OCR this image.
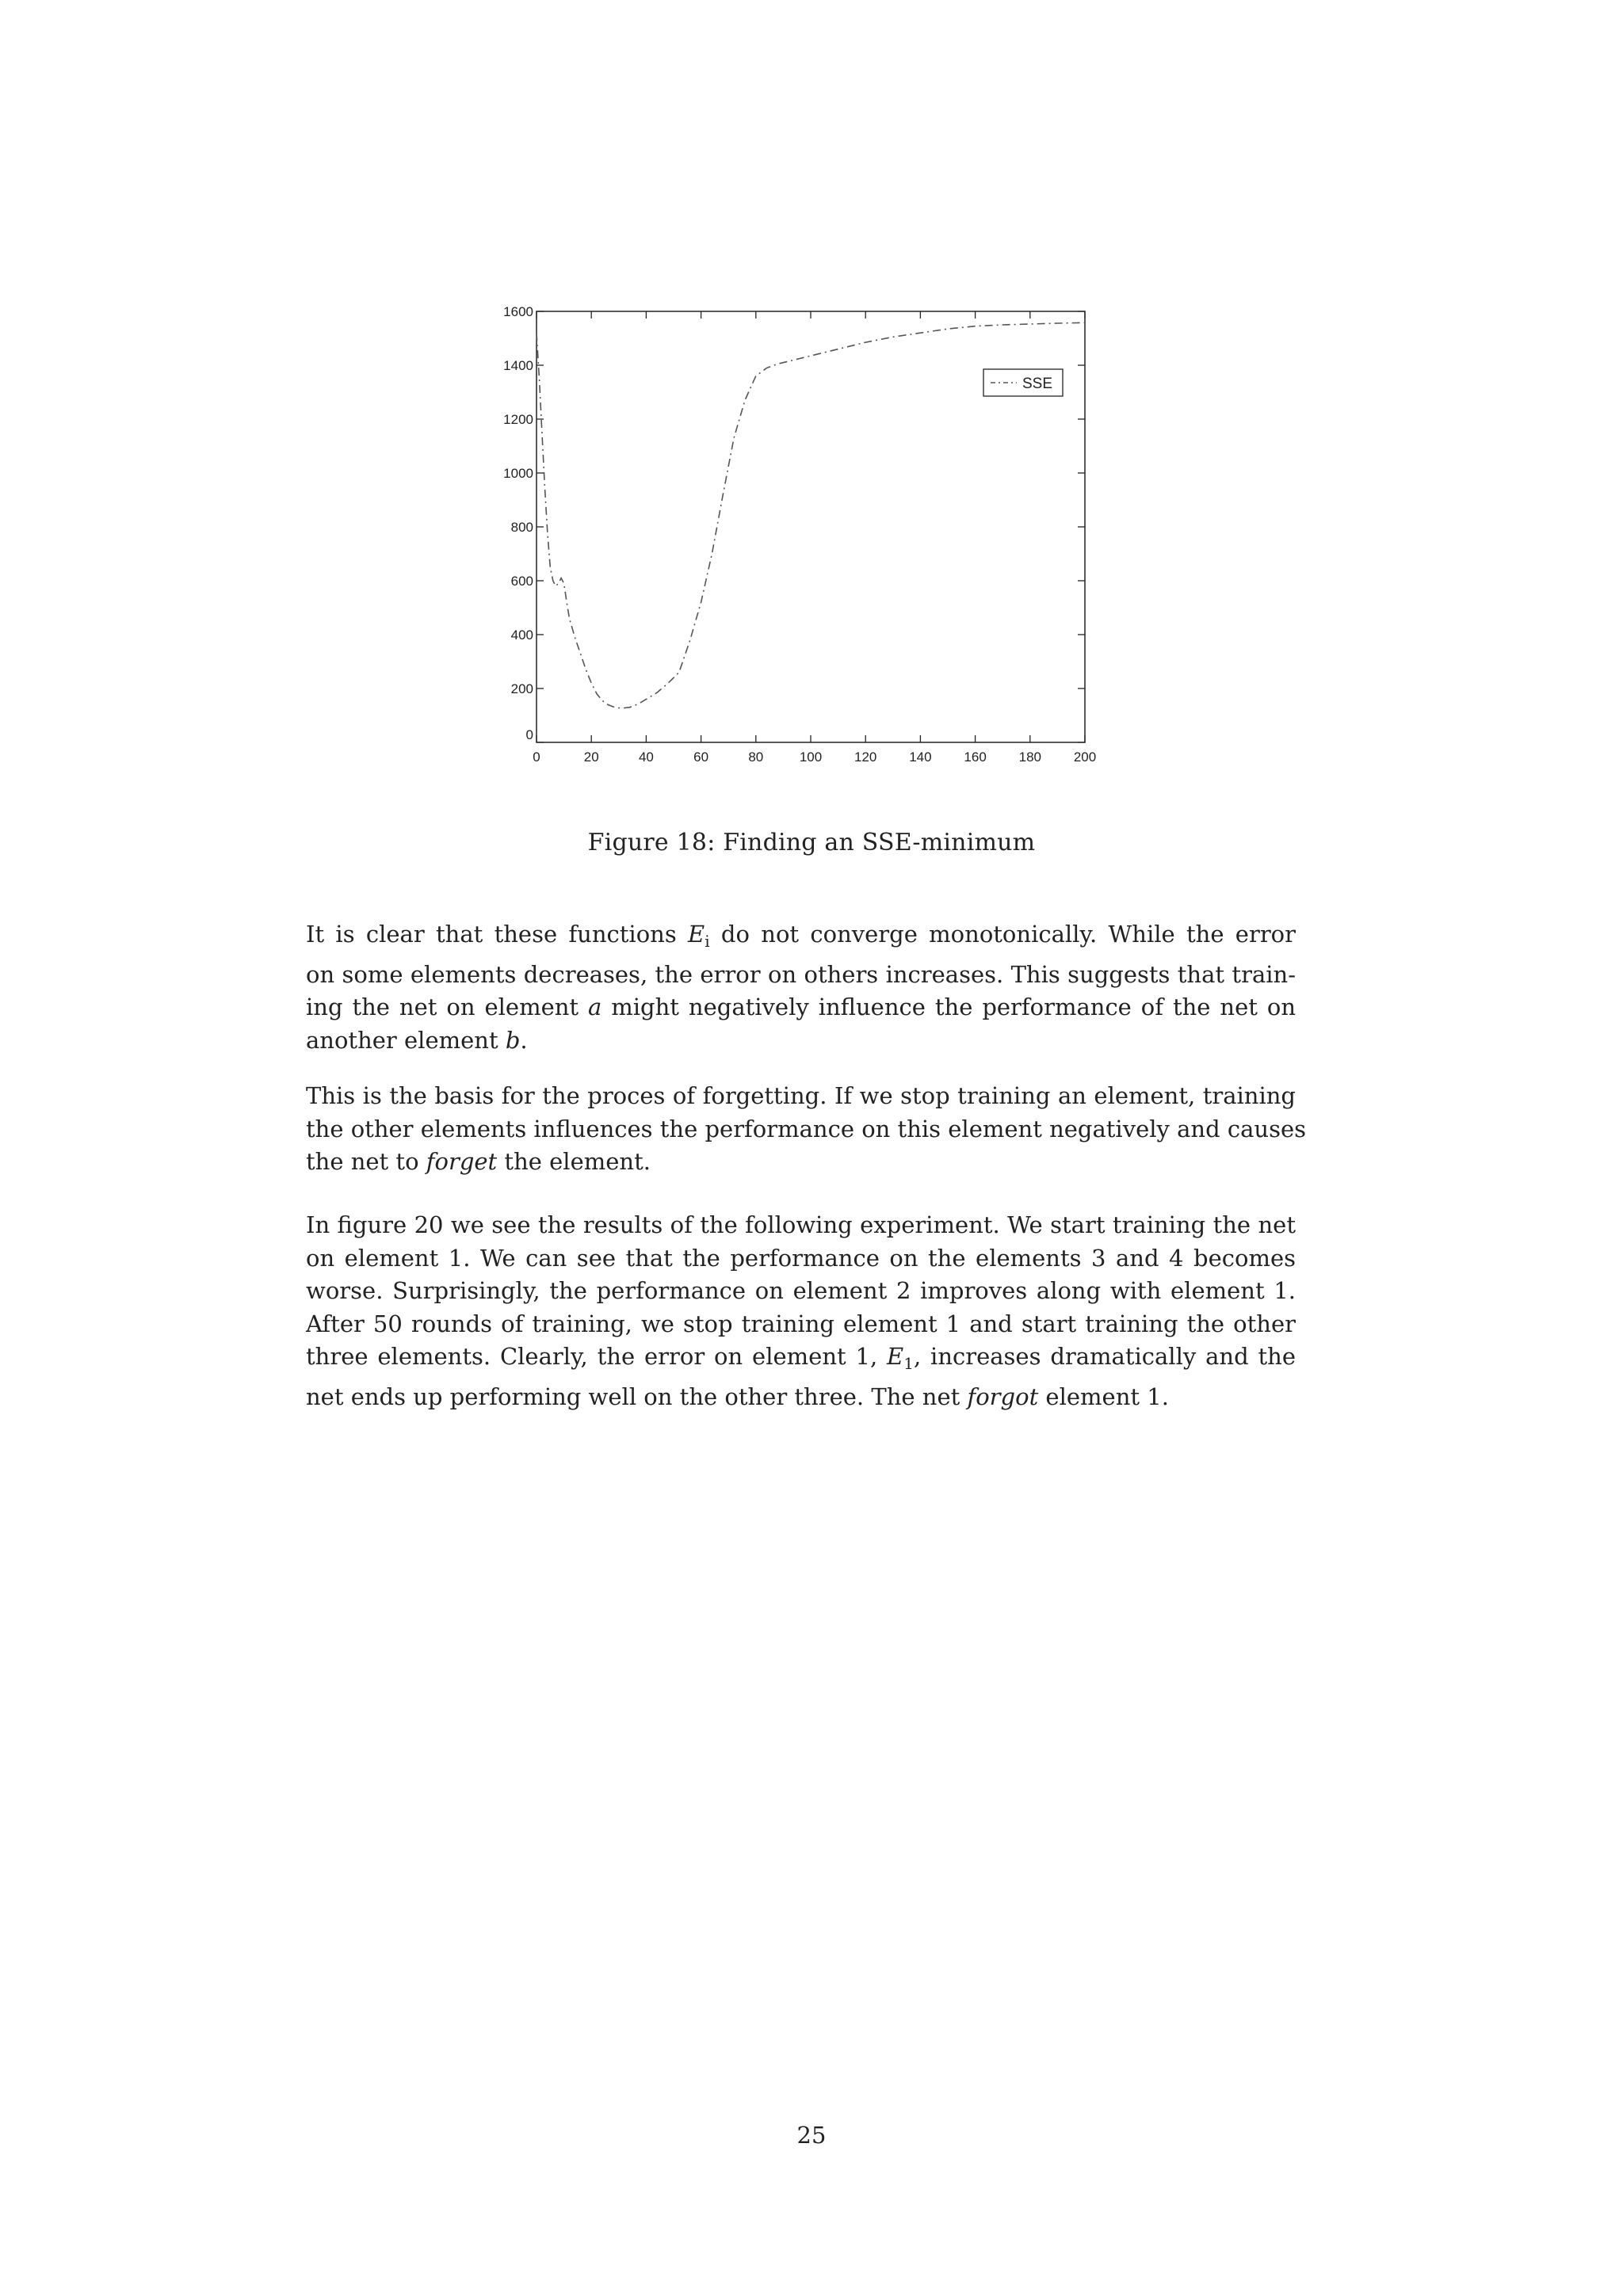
0	20	40	60	80	100 120 140 160 180 200
0
200
400
600
800
1000
1200
1400
1600
SSE
Figure 18: Finding an SSE-minimum

It is clear that these functions $E_i$ do not converge monotonically. While the error
on some elements decreases, the error on others increases. This suggests that train-
ing the net on element a might negatively influence the performance of the net on
another element b.

This is the basis for the proces of forgetting. If we stop training an element, training
the other elements influences the performance on this element negatively and causes
the net to forget the element.

In figure 20 we see the results of the following experiment. We start training the net
on element 1. We can see that the performance on the elements 3 and 4 becomes
worse. Surprisingly, the performance on element 2 improves along with element 1.
After 50 rounds of training, we stop training element 1 and start training the other
three elements. Clearly, the error on element 1, $E_1$, increases dramatically and the
net ends up performing well on the other three. The net forgot element 1.

25
